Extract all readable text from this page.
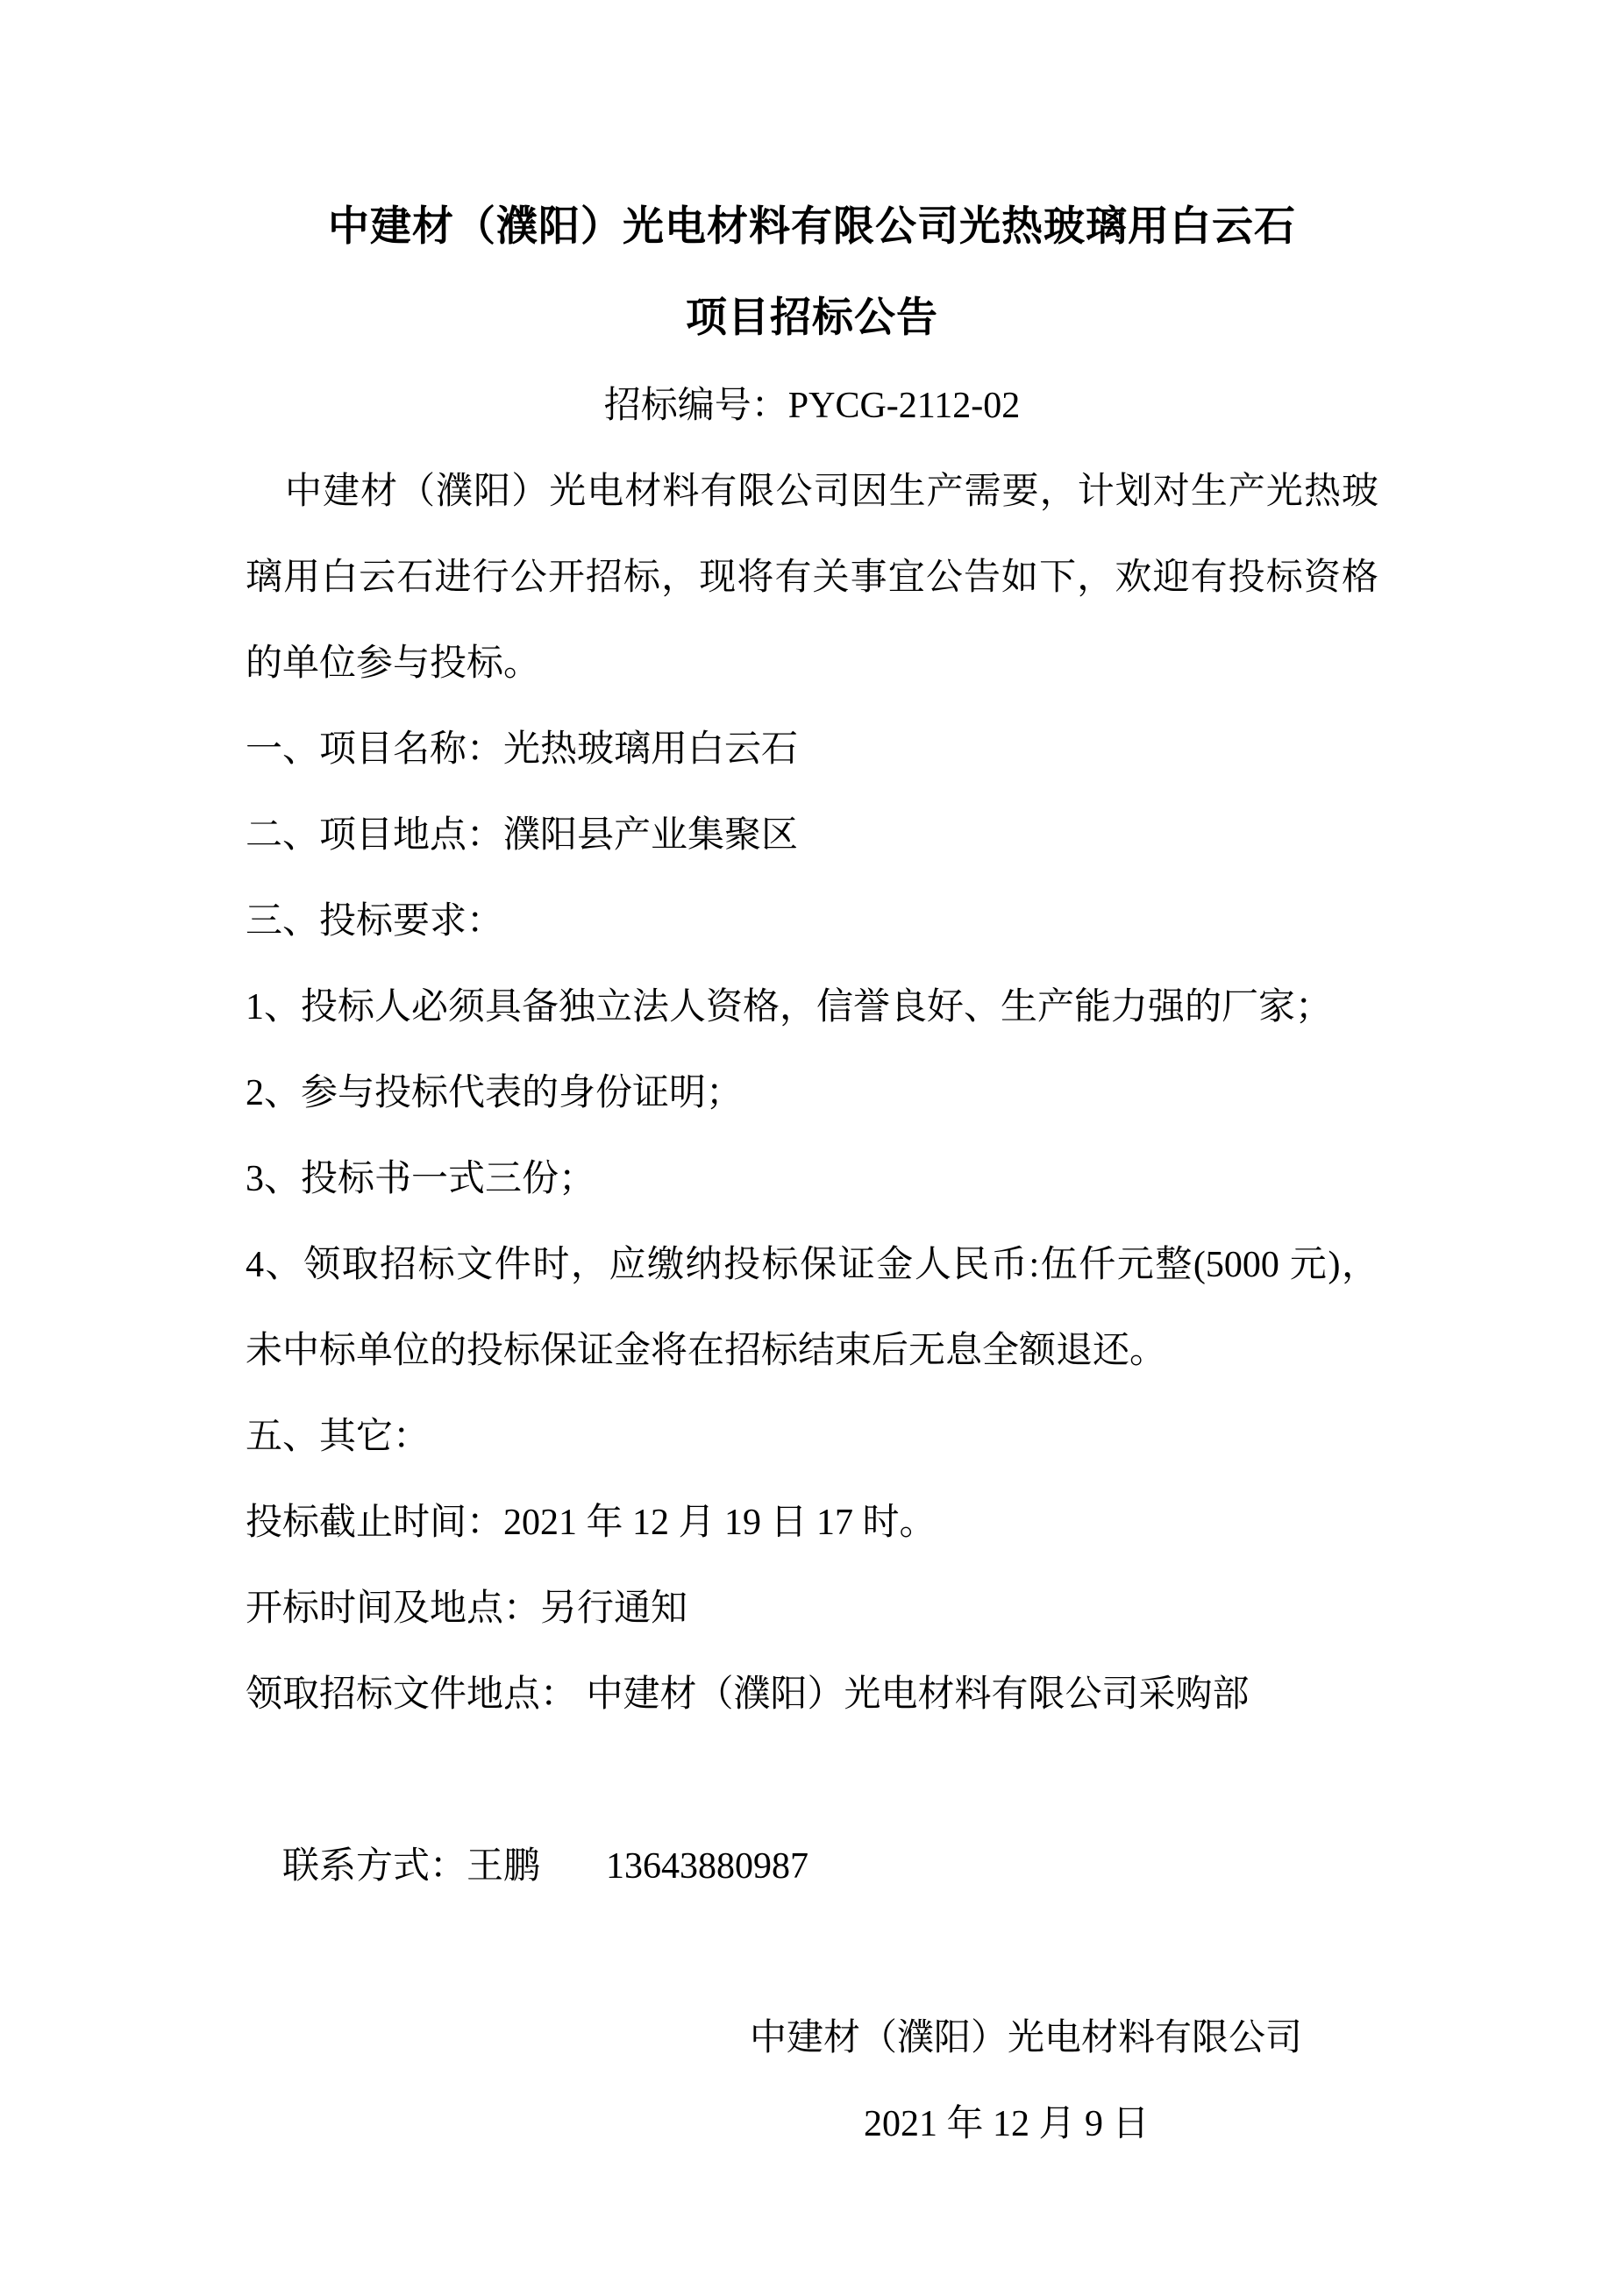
中建材（濮阳）光电材料有限公司光热玻璃用白云石
项目招标公告
招标编号：PYCG-2112-02
中建材（濮阳）光电材料有限公司因生产需要，计划对生产光热玻
璃用白云石进行公开招标，现将有关事宜公告如下，欢迎有投标资格
的单位参与投标。
一、项目名称：光热玻璃用白云石
二、项目地点：濮阳县产业集聚区
三、投标要求：
1、投标人必须具备独立法人资格，信誉良好、生产能力强的厂家；
2、参与投标代表的身份证明；
3、投标书一式三份；
4、领取招标文件时，应缴纳投标保证金人民币:伍仟元整(5000 元)，
未中标单位的投标保证金将在招标结束后无息全额退还。
五、其它：
投标截止时间：2021 年 12 月 19 日 17 时。
开标时间及地点：另行通知
领取招标文件地点： 中建材（濮阳）光电材料有限公司采购部

联系方式：王鹏 13643880987

中建材（濮阳）光电材料有限公司
2021 年 12 月 9 日
